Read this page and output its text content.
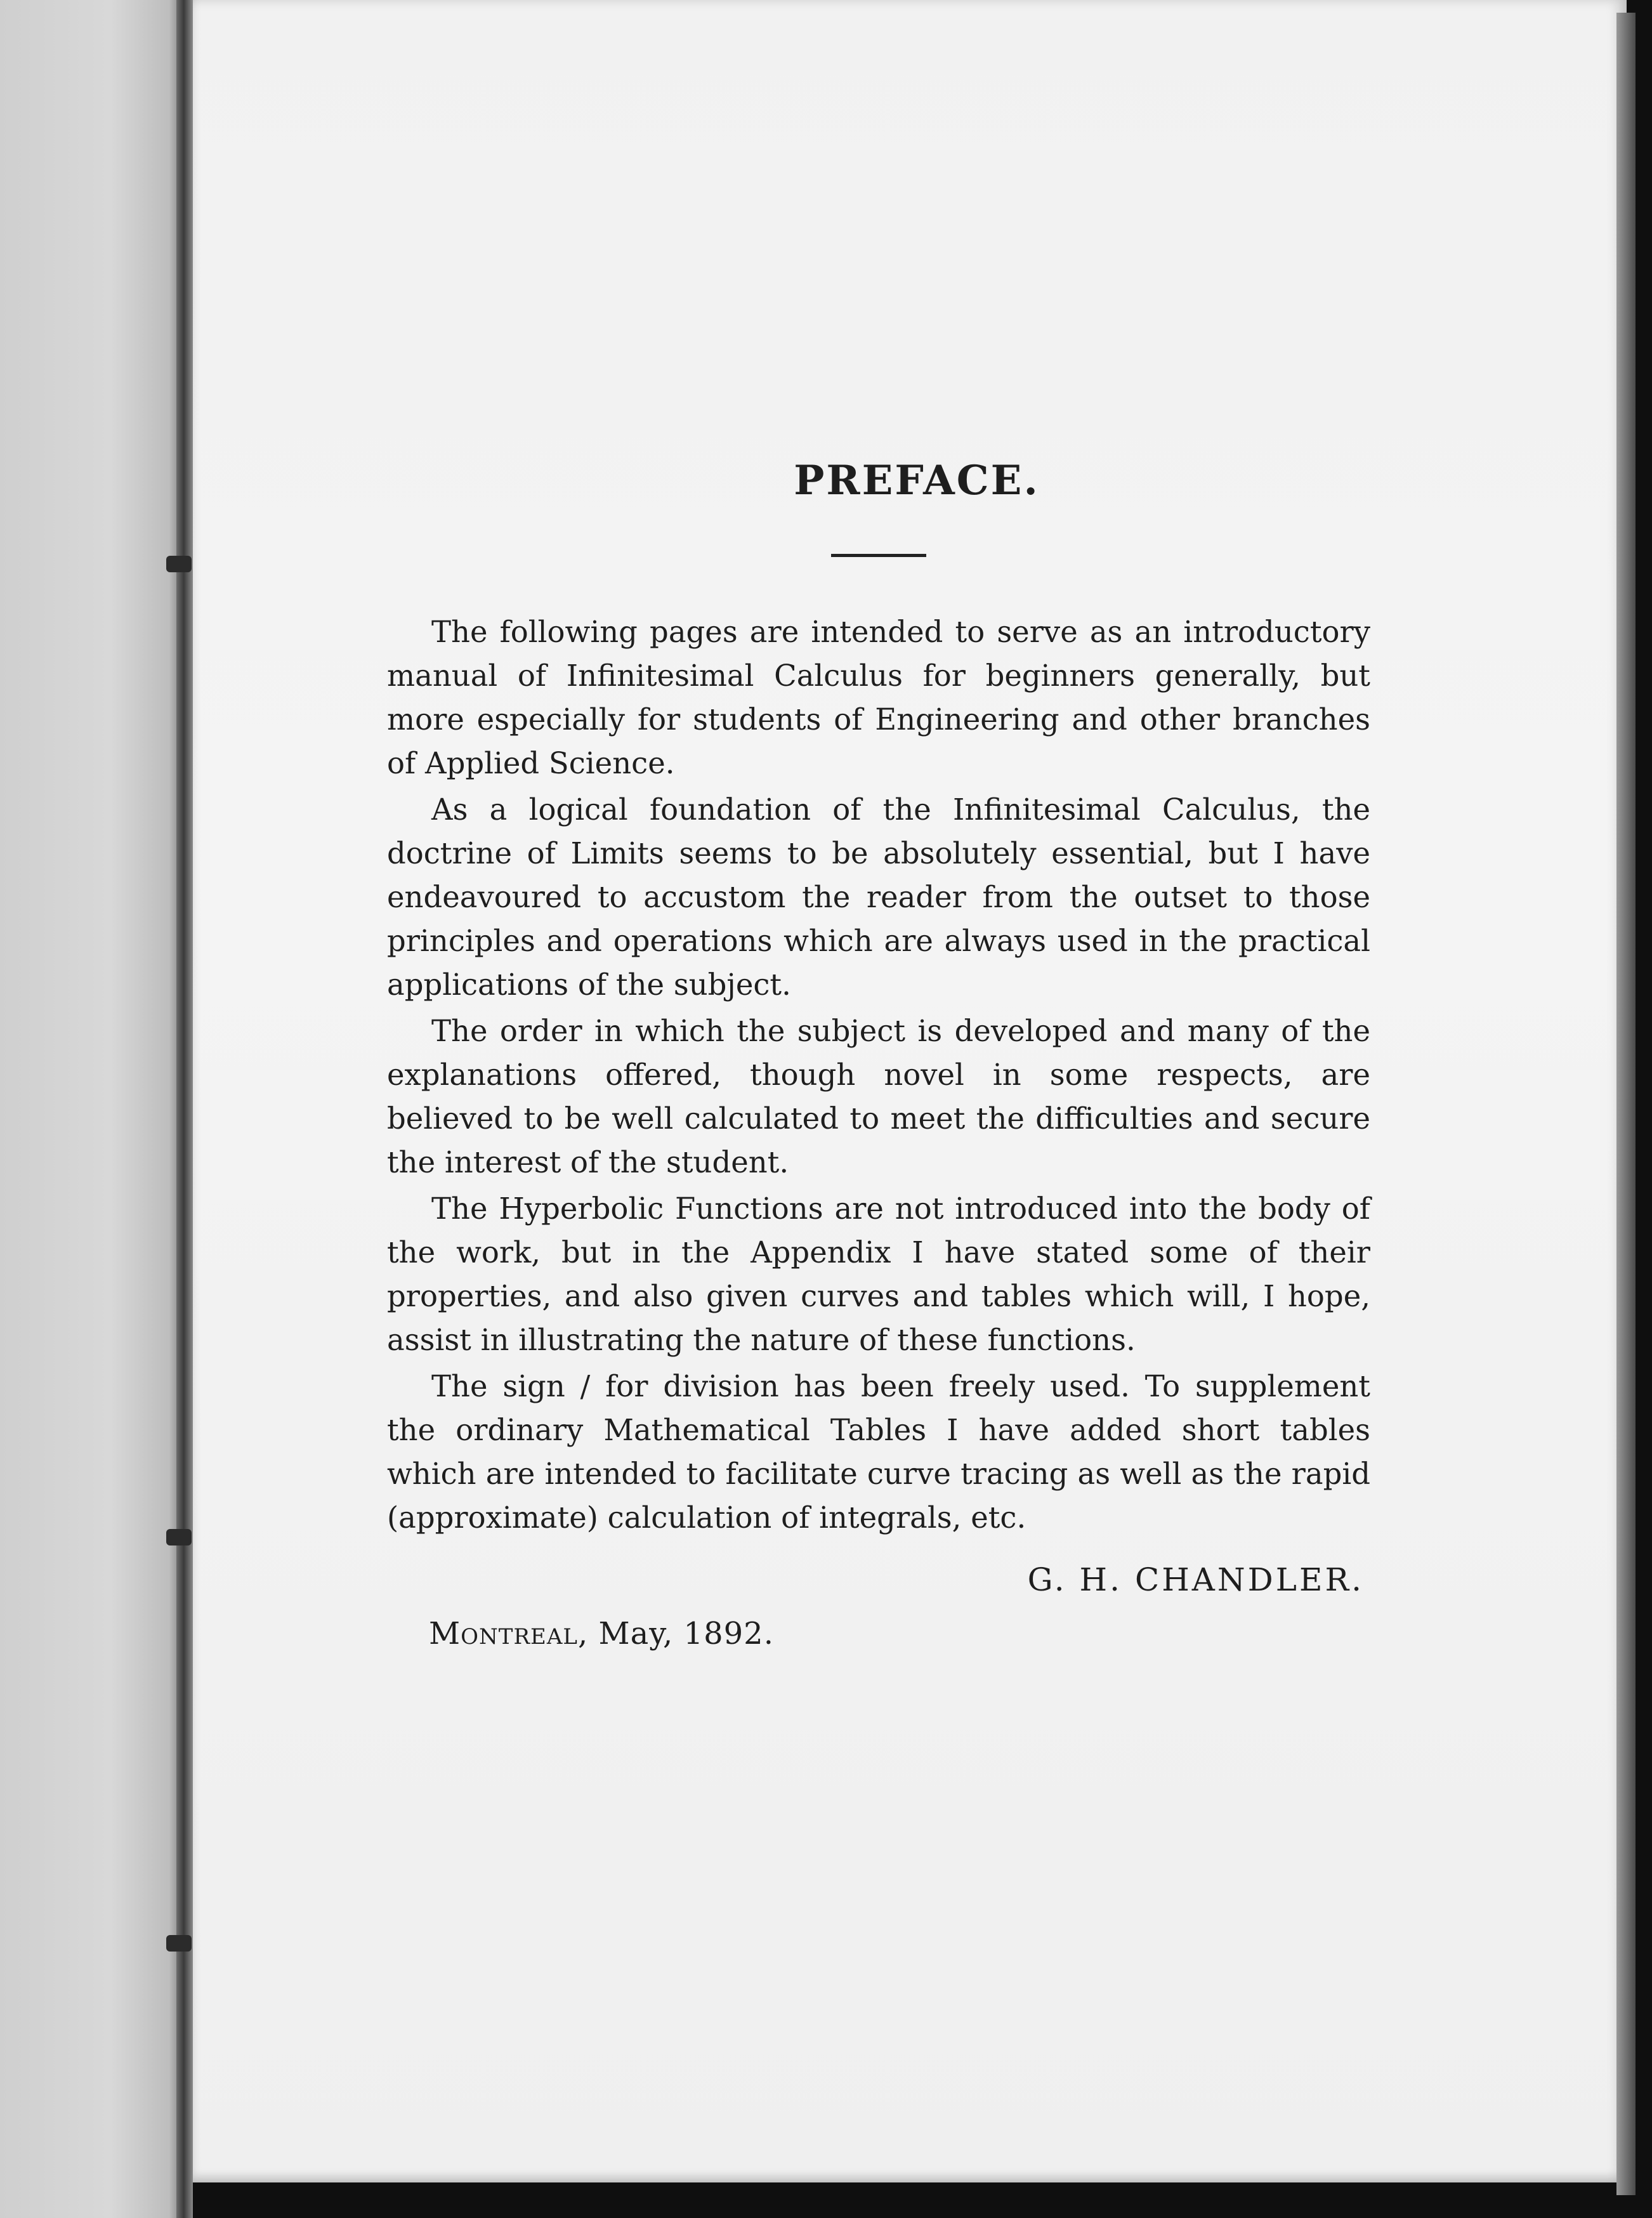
PREFACE.

The following pages are intended to serve as an introductory manual of Infinitesimal Calculus for beginners generally, but more especially for students of Engineering and other branches of Applied Science.

As a logical foundation of the Infinitesimal Calculus, the doctrine of Limits seems to be absolutely essential, but I have endeavoured to accustom the reader from the outset to those principles and operations which are always used in the practical applications of the subject.

The order in which the subject is developed and many of the explanations offered, though novel in some respects, are believed to be well calculated to meet the difficulties and secure the interest of the student.

The Hyperbolic Functions are not introduced into the body of the work, but in the Appendix I have stated some of their properties, and also given curves and tables which will, I hope, assist in illustrating the nature of these functions.

The sign / for division has been freely used. To supplement the ordinary Mathematical Tables I have added short tables which are intended to facilitate curve tracing as well as the rapid (approximate) calculation of integrals, etc.

G. H. CHANDLER.
Montreal, May, 1892.
